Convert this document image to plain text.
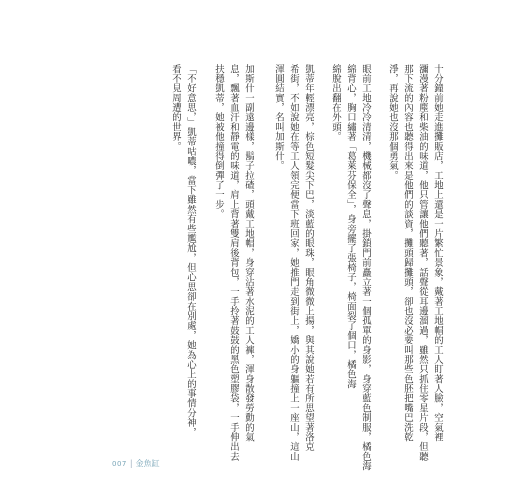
十分鐘前她走進攤販店，工地上還是一片繁忙景象，戴著工地帽的工人盯著人臉，空氣裡
瀰漫著粉塵和柴油的味道，他只管讓他們聽著，話聲從耳邊溜過，雖然只抓住零星片段，但聽
那下流的內容也聽得出來是他們的談資，攤頭歸攤頭，卻也沒必要叫那些色胚把嘴巴洗乾
淨，再說她也沒那個勇氣。
眼前工地冷冷清清，機械都沒了聲息，掛鎖門前矗立著一個孤單的身影，身穿藍色制服，橘色海
綿背心，胸口繡著「葛萊芬保全」，身旁擺了張椅子，椅面裂了個口，橘色海
綿脫出翻在外頭。
凱蒂年輕漂亮，棕色短髮尖下巴，淡藍的眼珠，眼角微微上揚，與其說她若有所思望著洛克
希街，不如說她在等工人領完便當下班回家，她推門走到街上，嬌小的身軀撞上一座山，這山
渾圓結實，名叫加斯什。
加斯什一副遠邊樣，鬍子拉碴，頭戴工地帽，身穿沾著水泥的工人褲，渾身散發勞動的氣
息，飄著血汗和靜電的味道，肩上背著雙肩後背包，一手拎著鼓鼓的黑色塑膠袋，一手伸出去
扶穩凱蒂，她被他撞得倒彈了一步。
「不好意思，」凱蒂咕噥，當下雖然有些尷尬，但心思卻在別處，她為心上的事情分神，
看不見周遭的世界。
007 | 金魚缸
